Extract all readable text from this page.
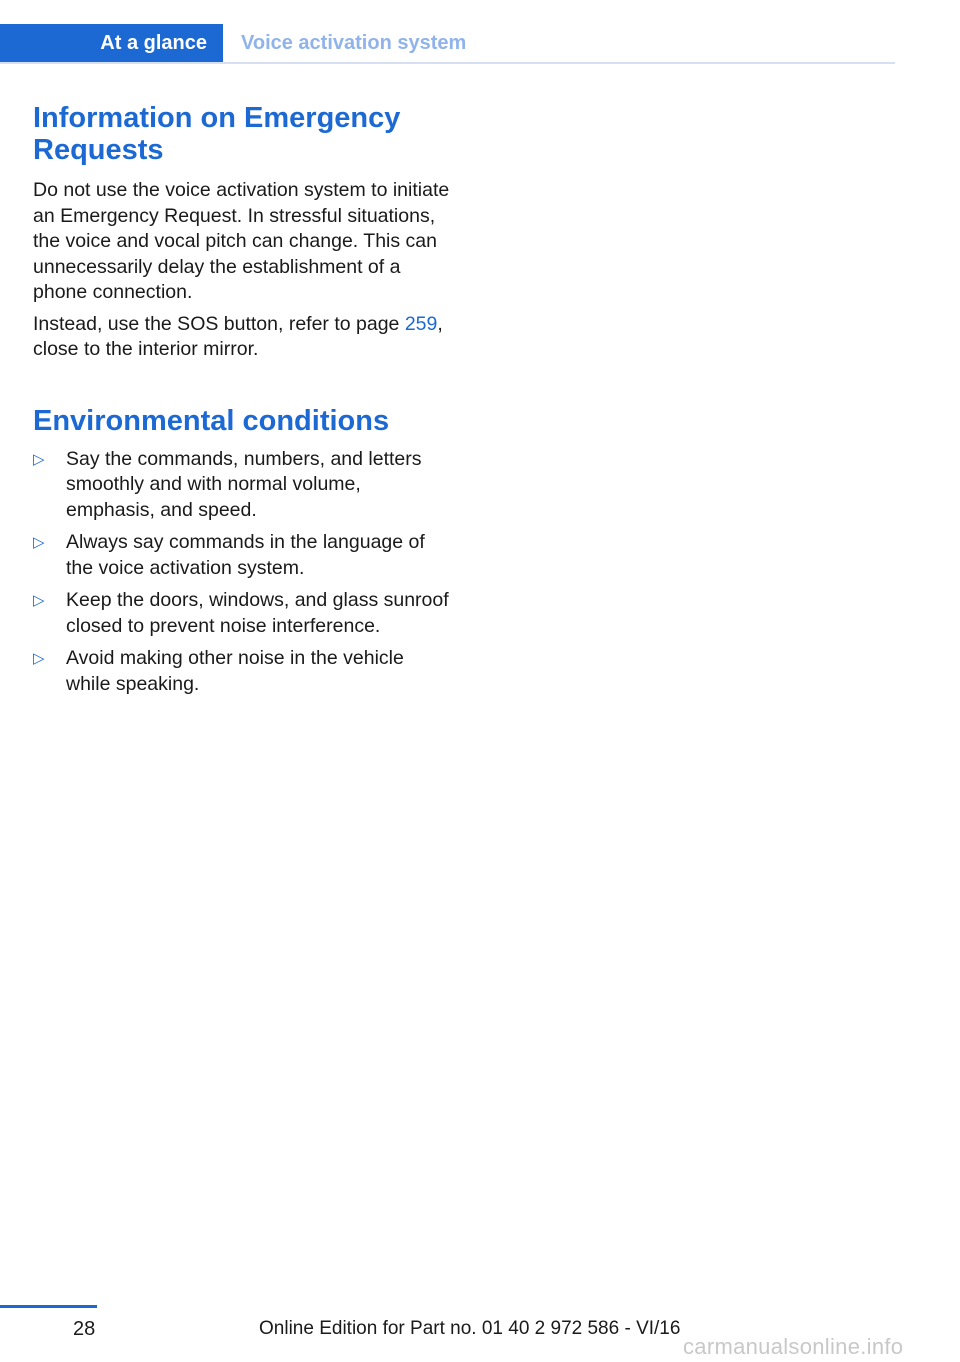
At a glance	Voice activation system
Information on Emergency
Requests

Do not use the voice activation system to initiate an Emergency Request. In stressful situations, the voice and vocal pitch can change. This can unnecessarily delay the establishment of a phone connection.

Instead, use the SOS button, refer to page 259, close to the interior mirror.

Environmental conditions
▷	Say the commands, numbers, and letters smoothly and with normal volume, emphasis, and speed.
▷	Always say commands in the language of the voice activation system.
▷	Keep the doors, windows, and glass sunroof closed to prevent noise interference.
▷	Avoid making other noise in the vehicle while speaking.
28	Online Edition for Part no. 01 40 2 972 586 - VI/16
carmanualsonline.info
